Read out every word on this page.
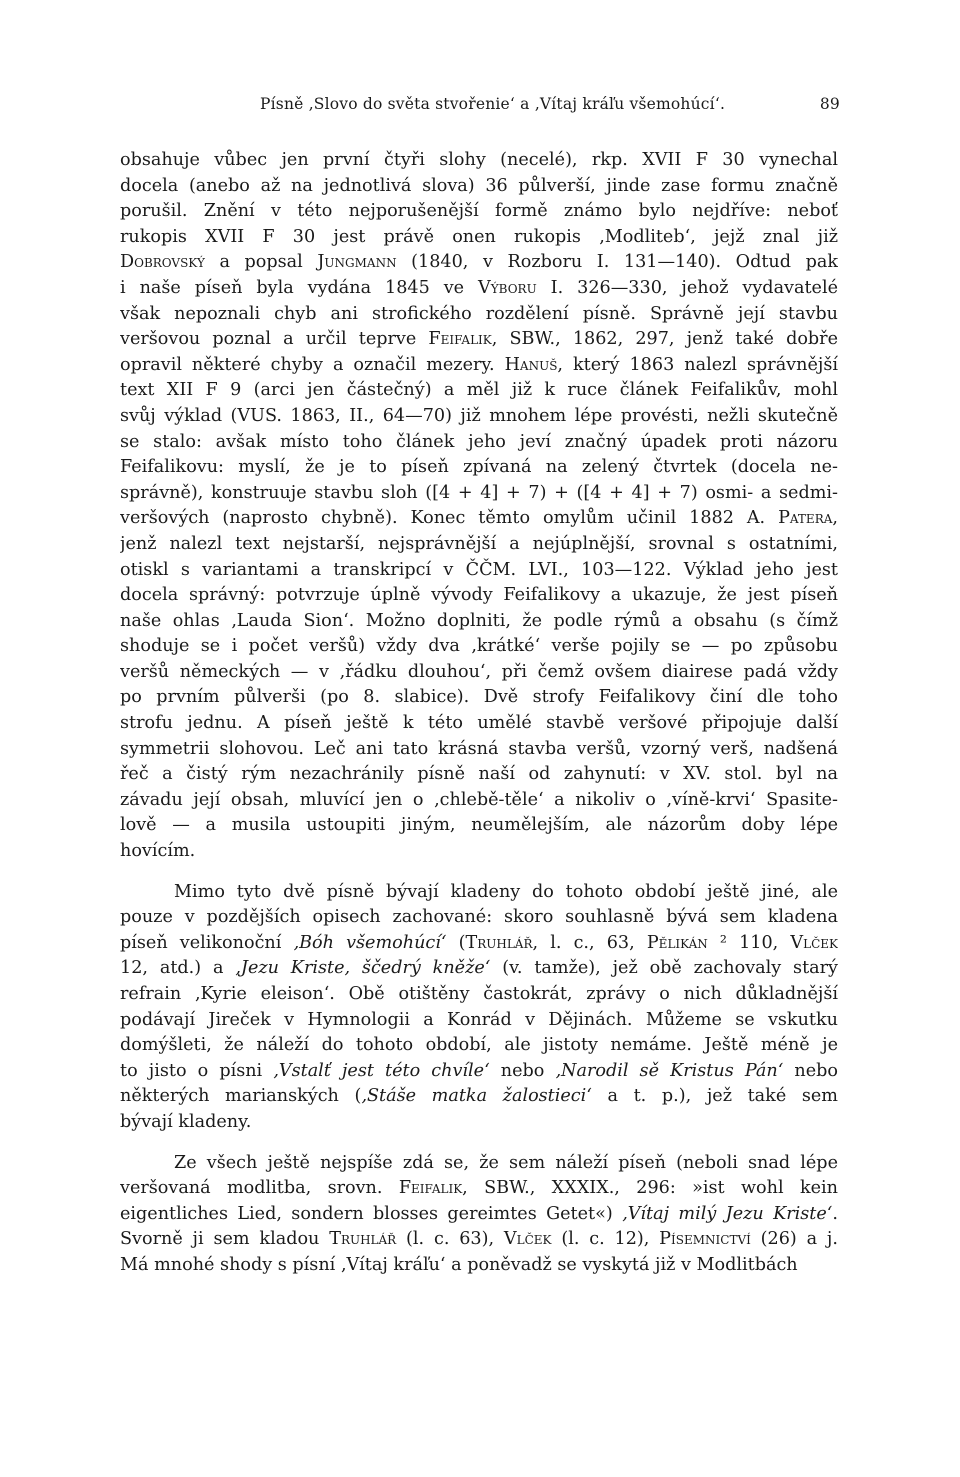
Písně ‚Slovo do světa stvořenie‘ a ‚Vítaj kráľu všemohúcí‘.	89
obsahuje vůbec jen první čtyři slohy (necelé), rkp. XVII F 30 vynechal
docela (anebo až na jednotlivá slova) 36 půlverší, jinde zase formu značně
porušil. Znění v této nejporušenější formě známo bylo nejdříve: neboť
rukopis XVII F 30 jest právě onen rukopis ‚Modliteb‘, jejž znal již
Dobrovský a popsal Jungmann (1840, v Rozboru I. 131—140). Odtud pak
i naše píseň byla vydána 1845 ve Výboru I. 326—330, jehož vydavatelé
však nepoznali chyb ani strofického rozdělení písně. Správně její stavbu
veršovou poznal a určil teprve Feifalik, SBW., 1862, 297, jenž také dobře
opravil některé chyby a označil mezery. Hanuš, který 1863 nalezl správnější
text XII F 9 (arci jen částečný) a měl již k ruce článek Feifalikův, mohl
svůj výklad (VUS. 1863, II., 64—70) již mnohem lépe provésti, nežli skutečně
se stalo: avšak místo toho článek jeho jeví značný úpadek proti názoru
Feifalikovu: myslí, že je to píseň zpívaná na zelený čtvrtek (docela ne-
správně), konstruuje stavbu sloh ([4 + 4] + 7) + ([4 + 4] + 7) osmi- a sedmi-
veršových (naprosto chybně). Konec těmto omylům učinil 1882 A. Patera,
jenž nalezl text nejstarší, nejsprávnější a nejúplnější, srovnal s ostatními,
otiskl s variantami a transkripcí v ČČM. LVI., 103—122. Výklad jeho jest
docela správný: potvrzuje úplně vývody Feifalikovy a ukazuje, že jest píseň
naše ohlas ‚Lauda Sion‘. Možno doplniti, že podle rýmů a obsahu (s čímž
shoduje se i počet veršů) vždy dva ‚krátké‘ verše pojily se — po způsobu
veršů německých — v ‚řádku dlouhou‘, při čemž ovšem diairese padá vždy
po prvním půlverši (po 8. slabice). Dvě strofy Feifalikovy činí dle toho
strofu jednu. A píseň ještě k této umělé stavbě veršové připojuje další
symmetrii slohovou. Leč ani tato krásná stavba veršů, vzorný verš, nadšená
řeč a čistý rým nezachránily písně naší od zahynutí: v XV. stol. byl na
závadu její obsah, mluvící jen o ‚chlebě-těle‘ a nikoliv o ‚víně-krvi‘ Spasite-
lově — a musila ustoupiti jiným, neumělejším, ale názorům doby lépe
hovícím.
Mimo tyto dvě písně bývají kladeny do tohoto období ještě jiné, ale
pouze v pozdějších opisech zachované: skoro souhlasně bývá sem kladena
píseň velikonoční ‚Bóh všemohúcí‘ (Truhlář, l. c., 63, Pělikán ² 110, Vlček
12, atd.) a ‚Jezu Kriste, ščedrý kněže‘ (v. tamže), jež obě zachovaly starý
refrain ‚Kyrie eleison‘. Obě otištěny častokrát, zprávy o nich důkladnější
podávají Jireček v Hymnologii a Konrád v Dějinách. Můžeme se vskutku
domýšleti, že náleží do tohoto období, ale jistoty nemáme. Ještě méně je
to jisto o písni ‚Vstalť jest této chvíle‘ nebo ‚Narodil sě Kristus Pán‘ nebo
některých marianských (‚Stáše matka žalostieci‘ a t. p.), jež také sem
bývají kladeny.
Ze všech ještě nejspíše zdá se, že sem náleží píseň (neboli snad lépe
veršovaná modlitba, srovn. Feifalik, SBW., XXXIX., 296: »ist wohl kein
eigentliches Lied, sondern blosses gereimtes Getet«) ‚Vítaj milý Jezu Kriste‘.
Svorně ji sem kladou Truhlář (l. c. 63), Vlček (l. c. 12), Písemnictví (26) a j.
Má mnohé shody s písní ‚Vítaj kráľu‘ a poněvadž se vyskytá již v Modlitbách
